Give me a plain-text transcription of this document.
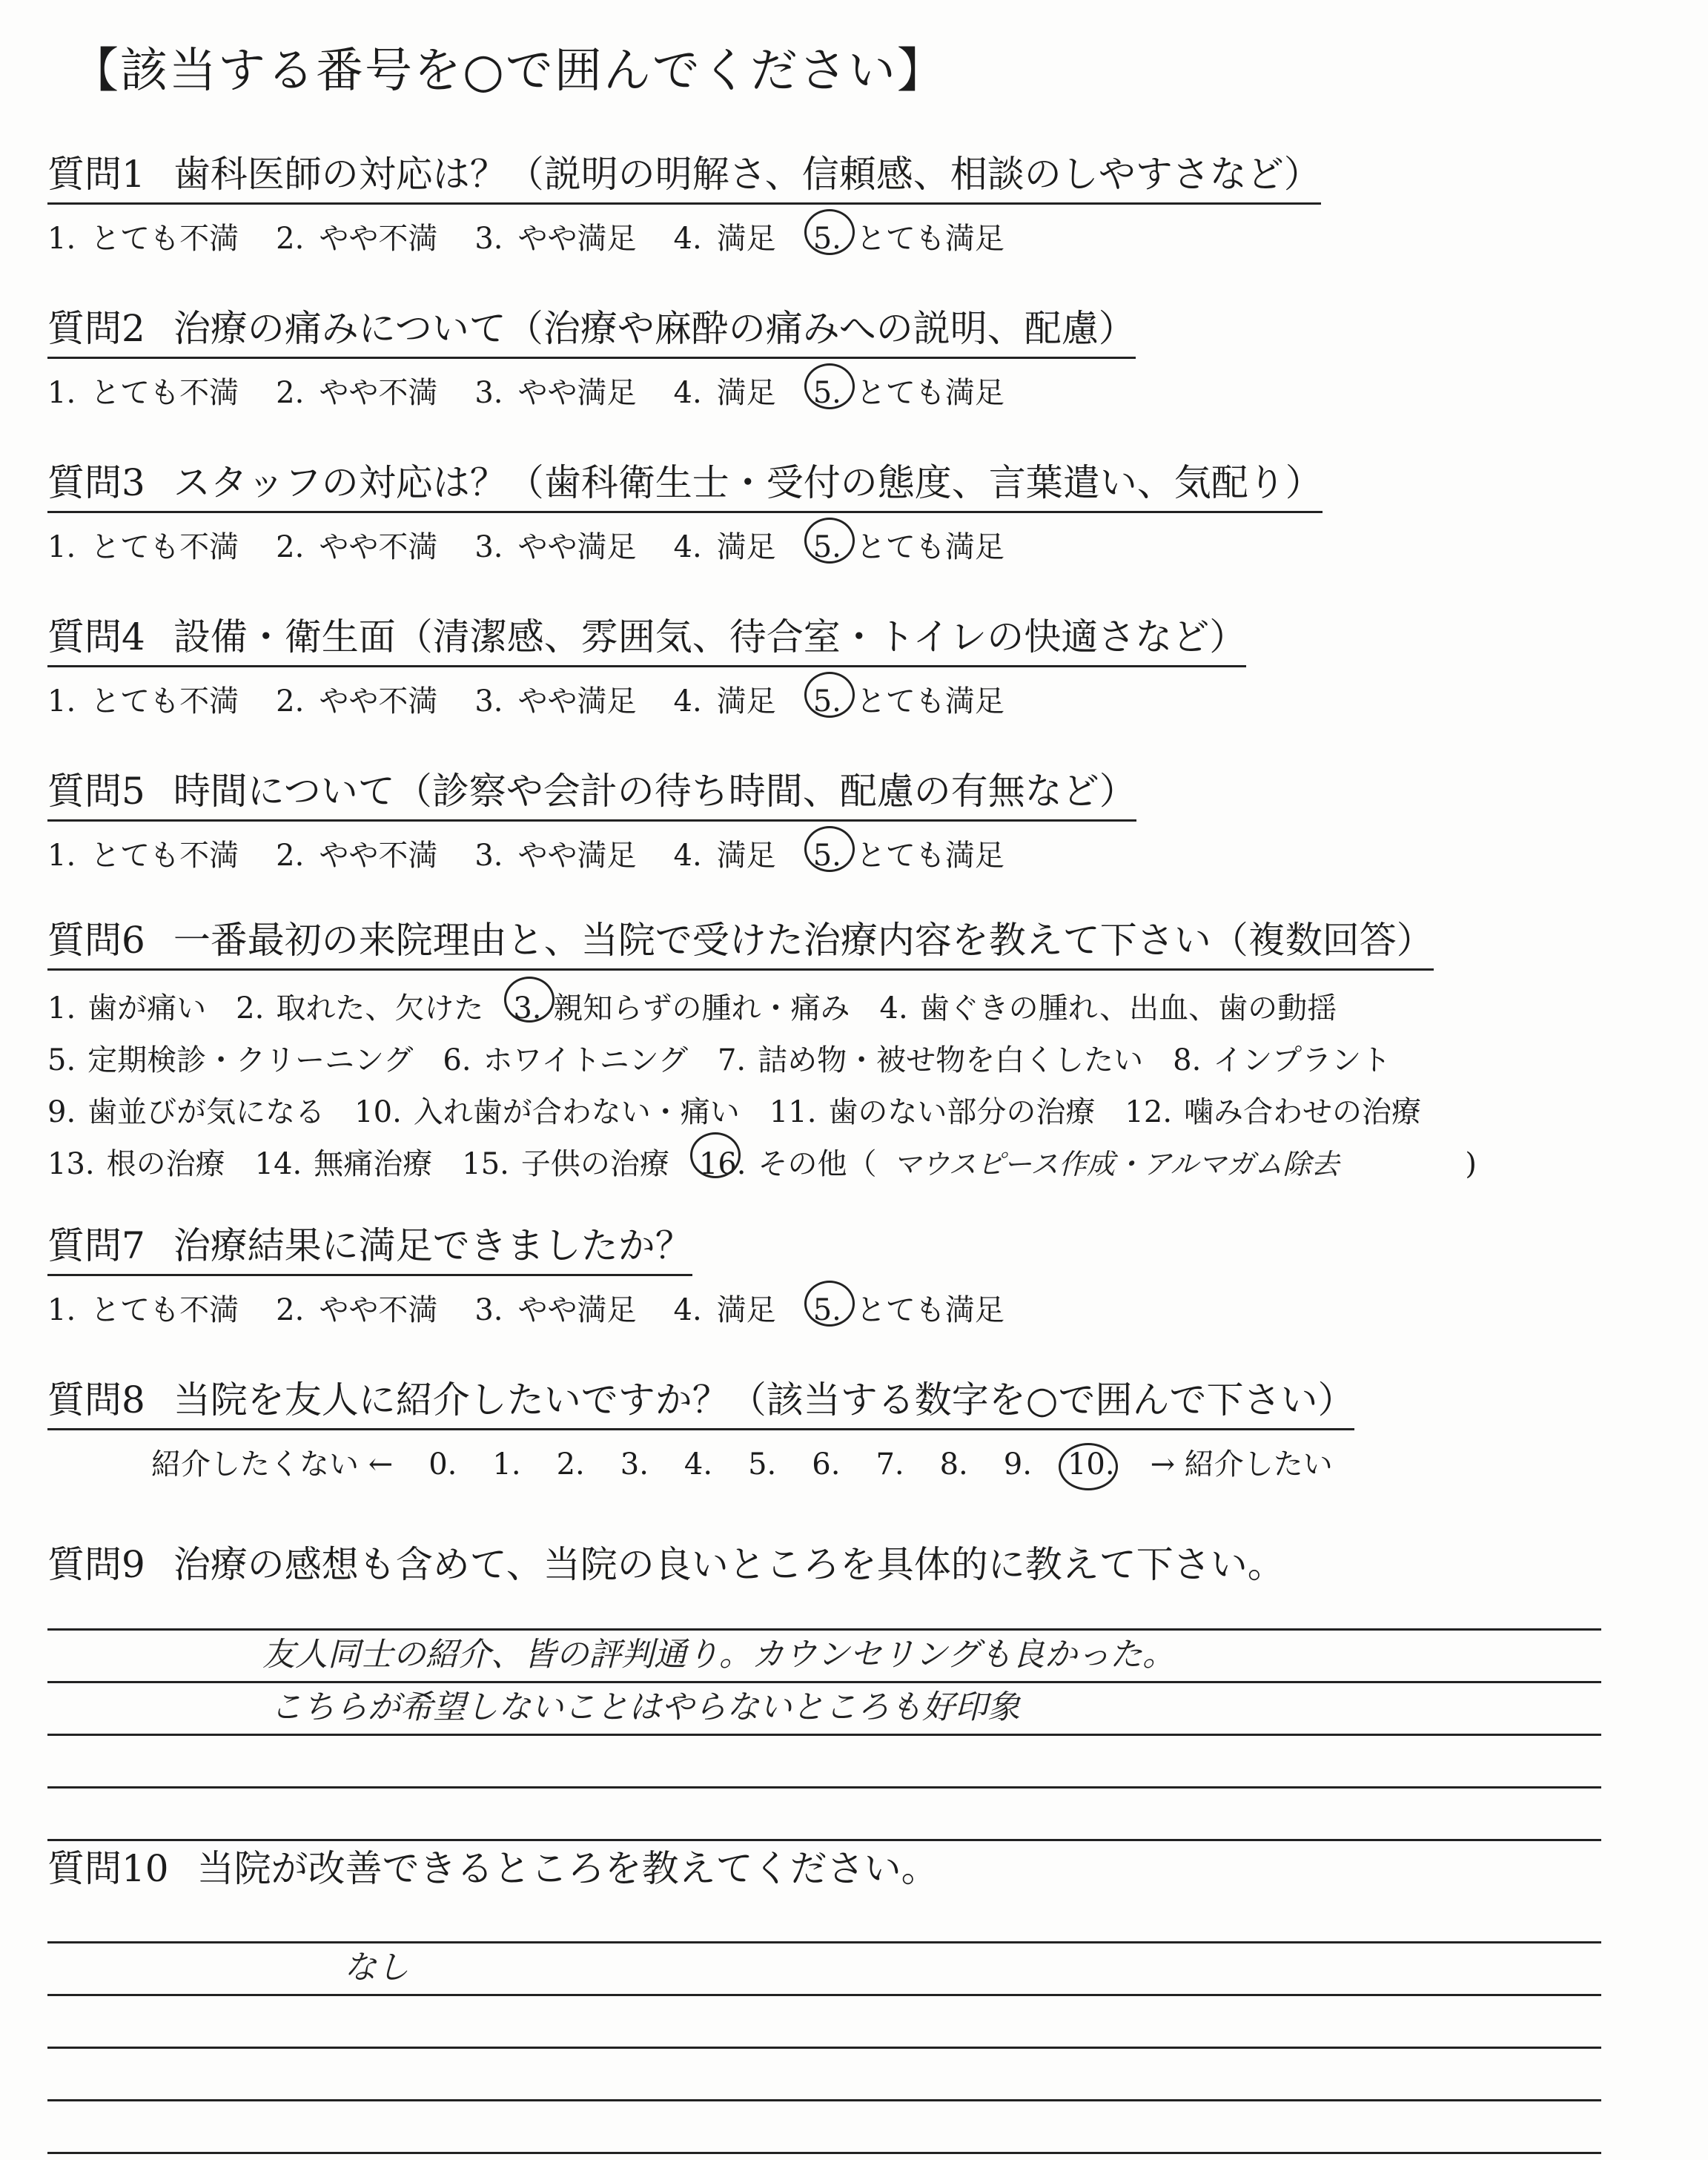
【該当する番号を○で囲んでください】
質問1 歯科医師の対応は？（説明の明解さ、信頼感、相談のしやすさなど）
1. とても不満 2. やや不満 3. やや満足 4. 満足 5. とても満足
質問2 治療の痛みについて（治療や麻酔の痛みへの説明、配慮）
1. とても不満 2. やや不満 3. やや満足 4. 満足 5. とても満足
質問3 スタッフの対応は？（歯科衛生士・受付の態度、言葉遣い、気配り）
1. とても不満 2. やや不満 3. やや満足 4. 満足 5. とても満足
質問4 設備・衛生面（清潔感、雰囲気、待合室・トイレの快適さなど）
1. とても不満 2. やや不満 3. やや満足 4. 満足 5. とても満足
質問5 時間について（診察や会計の待ち時間、配慮の有無など）
1. とても不満 2. やや不満 3. やや満足 4. 満足 5. とても満足
質問6 一番最初の来院理由と、当院で受けた治療内容を教えて下さい（複数回答）
1. 歯が痛い 2. 取れた、欠けた 3. 親知らずの腫れ・痛み 4. 歯ぐきの腫れ、出血、歯の動揺
5. 定期検診・クリーニング 6. ホワイトニング 7. 詰め物・被せ物を白くしたい 8. インプラント
9. 歯並びが気になる 10. 入れ歯が合わない・痛い 11. 歯のない部分の治療 12. 噛み合わせの治療
13. 根の治療 14. 無痛治療 15. 子供の治療 16. その他（ マウスピース作成・アルマガム除去	)
質問7 治療結果に満足できましたか？
1. とても不満 2. やや不満 3. やや満足 4. 満足 5. とても満足
質問8 当院を友人に紹介したいですか？（該当する数字を○で囲んで下さい）
紹介したくない ← 0. 1. 2. 3. 4. 5. 6. 7. 8. 9. 10. → 紹介したい
質問9 治療の感想も含めて、当院の良いところを具体的に教えて下さい。
友人同士の紹介、皆の評判通り。カウンセリングも良かった。
こちらが希望しないことはやらないところも好印象
質問10 当院が改善できるところを教えてください。
なし
